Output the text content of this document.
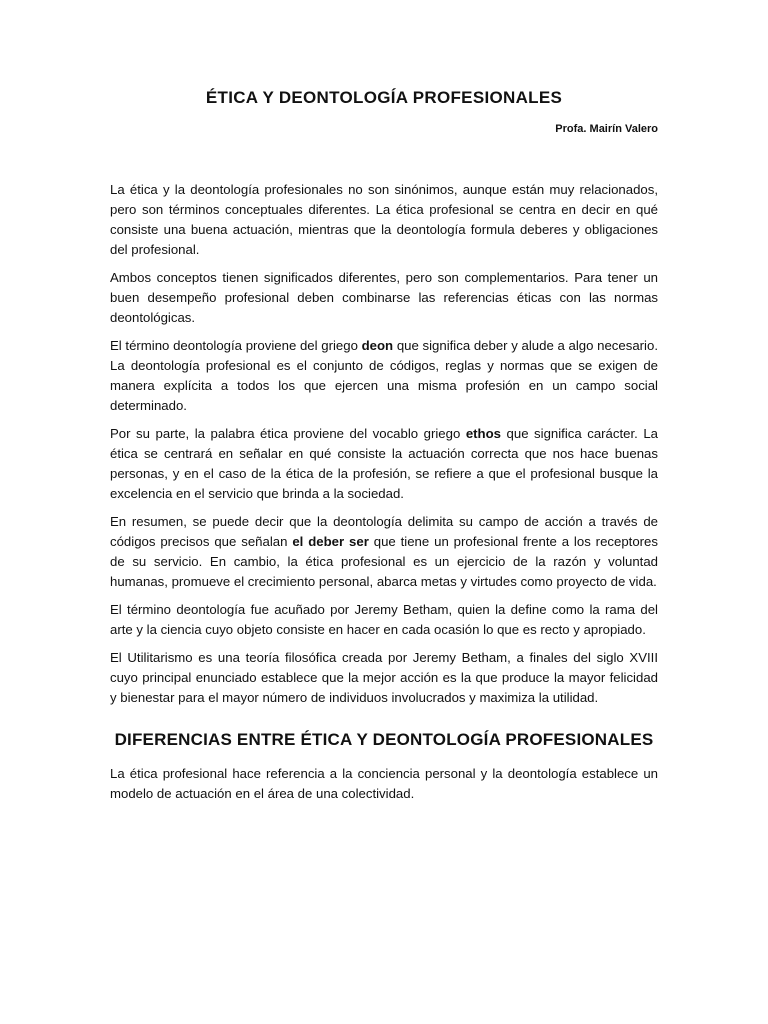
ÉTICA Y DEONTOLOGÍA PROFESIONALES

Profa. Mairín Valero

La ética y la deontología profesionales no son sinónimos, aunque están muy relacionados, pero son términos conceptuales diferentes. La ética profesional se centra en decir en qué consiste una buena actuación, mientras que la deontología formula deberes y obligaciones del profesional.

Ambos conceptos tienen significados diferentes, pero son complementarios. Para tener un buen desempeño profesional deben combinarse las referencias éticas con las normas deontológicas.

El término deontología proviene del griego deon que significa deber y alude a algo necesario. La deontología profesional es el conjunto de códigos, reglas y normas que se exigen de manera explícita a todos los que ejercen una misma profesión en un campo social determinado.

Por su parte, la palabra ética proviene del vocablo griego ethos que significa carácter. La ética se centrará en señalar en qué consiste la actuación correcta que nos hace buenas personas, y en el caso de la ética de la profesión, se refiere a que el profesional busque la excelencia en el servicio que brinda a la sociedad.

En resumen, se puede decir que la deontología delimita su campo de acción a través de códigos precisos que señalan el deber ser que tiene un profesional frente a los receptores de su servicio. En cambio, la ética profesional es un ejercicio de la razón y voluntad humanas, promueve el crecimiento personal, abarca metas y virtudes como proyecto de vida.

El término deontología fue acuñado por Jeremy Betham, quien la define como la rama del arte y la ciencia cuyo objeto consiste en hacer en cada ocasión lo que es recto y apropiado.

El Utilitarismo es una teoría filosófica creada por Jeremy Betham, a finales del siglo XVIII cuyo principal enunciado establece que la mejor acción es la que produce la mayor felicidad y bienestar para el mayor número de individuos involucrados y maximiza la utilidad.

DIFERENCIAS ENTRE ÉTICA Y DEONTOLOGÍA PROFESIONALES

La ética profesional hace referencia a la conciencia personal y la deontología establece un modelo de actuación en el área de una colectividad.
